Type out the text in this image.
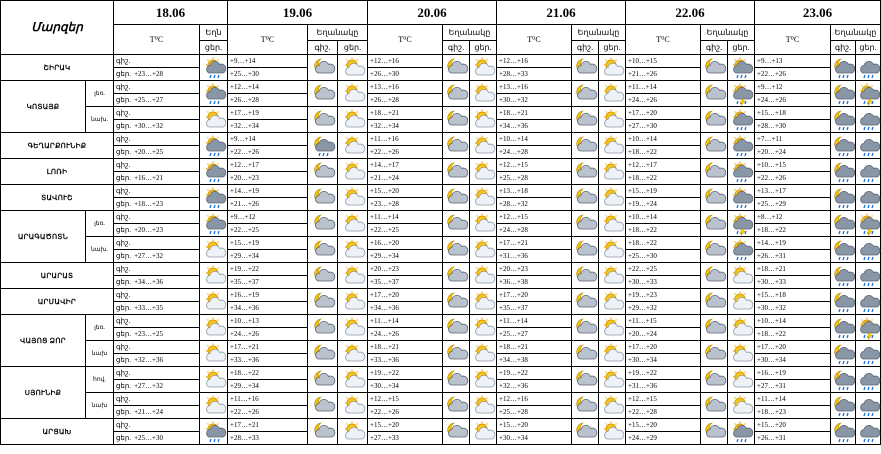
Մարզեր		18.06		19.06			20.06			21.06			22.06			23.06		
		T⁰C	Եղն	T⁰C	Եղանակը		T⁰C	Եղանակը		T⁰C	Եղանակը		T⁰C	Եղանակը		T⁰C	Եղանակը	
			ցեր.		գիշ.	ցեր.		գիշ.	ցեր.		գիշ.	ցեր.		գիշ.	ցեր.		գիշ.	ցեր.
ՇԻՐԱԿ		գիշ.		+9…+14			+12…+16			+12…+16			+10…+15			+9…+13	

		ցեր. +23…+28		+25…+30			+26…+30			+28…+33			+21…+26			+22…+26		
ԿՈՏԱՅՔ	լեռ.	գիշ.		+12…+14			+13…+16			+13…+16			+11…+14			+9…+12	

		ցեր. +25…+27		+26…+28			+26…+28			+30…+32			+24…+26			+24…+26		
	նախ.	գիշ.		+17…+19			+18…+21			+18…+21			+17…+20			+15…+18	

		ցեր. +30…+32		+32…+34			+32…+34			+34…+36			+27…+30			+28…+30		
ԳԵՂԱՐՔՈՒՆԻՔ		գիշ.		+9…+14			+11…+16			+10…+14			+10…+14			+7…+11	

		ցեր. +20…+25		+22…+26			+22…+26			+24…+28			+18…+22			+20…+24		
ԼՈՌԻ		գիշ.		+12…+17			+14…+17			+12…+15			+12…+17			+10…+15	

		ցեր. +16…+21		+20…+23			+21…+24			+25…+28			+18…+22			+22…+26		
ՏԱՎՈՒՇ		գիշ.		+14…+19			+15…+20			+13…+18			+15…+19			+13…+17	

		ցեր. +18…+23		+21…+26			+23…+28			+28…+32			+19…+24			+25…+29		
ԱՐԱԳԱԾՈՏՆ	լեռ.	գիշ.		+9…+12			+11…+14			+12…+15			+10…+14			+8…+12	

		ցեր. +20…+23		+22…+25			+22…+25			+24…+28			+18…+22			+18…+22		
	նախ.	գիշ.		+15…+19			+16…+20			+17…+21			+18…+22			+14…+19	

		ցեր. +27…+32		+29…+34			+29…+34			+31…+36			+25…+30			+26…+31		
ԱՐԱՐԱՏ		գիշ.		+19…+22			+20…+23			+20…+23			+22…+25			+18…+21	

		ցեր. +34…+36		+35…+37			+35…+37			+36…+38			+30…+33			+30…+33		
ԱՐՄԱՎԻՐ		գիշ.		+16…+19			+17…+20			+17…+20			+19…+23			+15…+18	

		ցեր. +33…+35		+34…+36			+34…+36			+35…+37			+29…+32			+30…+32		
ՎԱՅՈՑ ՁՈՐ	լեռ.	գիշ.		+10…+13			+11…+14			+11…+14			+11…+15			+10…+14	

		ցեր. +23…+25		+24…+26			+24…+26			+25…+27			+20…+24			+18…+22		
	նախ	գիշ.		+17…+21			+18…+21			+18…+21			+17…+20			+17…+20	

		ցեր. +32…+36		+33…+36			+33…+36			+34…+38			+30…+34			+30…+34		
ՍՅՈՒՆԻՔ	հով.	գիշ.		+18…+22			+19…+22			+19…+22			+19…+22			+16…+19	

		ցեր. +27…+32		+29…+34			+30…+34			+32…+36			+31…+36			+27…+31		
	նախ	գիշ.		+11…+16			+12…+15			+12…+16			+12…+15			+11…+14	

		ցեր. +21…+24		+22…+26			+22…+26			+25…+28			+22…+28			+18…+23		
ԱՐՑԱԽ		գիշ.		+17…+21			+15…+20			+15…+20			+15…+20			+15…+20	

		ցեր. +25…+30		+28…+33			+27…+33			+30…+34			+24…+29			+26…+31		
